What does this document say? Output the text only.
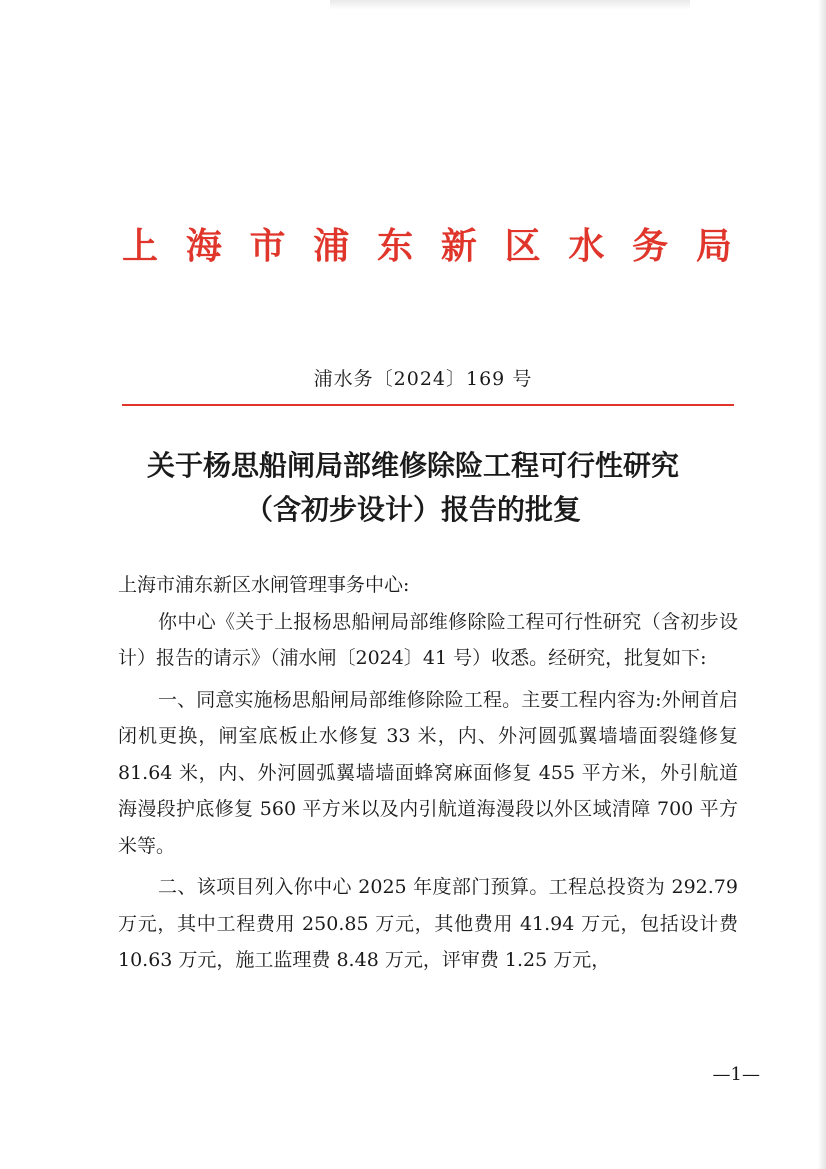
上 海 市 浦 东 新 区 水 务 局
浦水务〔2024〕169 号
关于杨思船闸局部维修除险工程可行性研究
（含初步设计）报告的批复

上海市浦东新区水闸管理事务中心:

你中心《关于上报杨思船闸局部维修除险工程可行性研究（含初步设计）报告的请示》（浦水闸〔2024〕41 号）收悉。经研究，批复如下:

一、同意实施杨思船闸局部维修除险工程。主要工程内容为:外闸首启闭机更换，闸室底板止水修复 33 米，内、外河圆弧翼墙墙面裂缝修复 81.64 米，内、外河圆弧翼墙墙面蜂窝麻面修复 455 平方米，外引航道海漫段护底修复 560 平方米以及内引航道海漫段以外区域清障 700 平方米等。

二、该项目列入你中心 2025 年度部门预算。工程总投资为 292.79 万元，其中工程费用 250.85 万元，其他费用 41.94 万元，包括设计费 10.63 万元，施工监理费 8.48 万元，评审费 1.25 万元，

—1—
